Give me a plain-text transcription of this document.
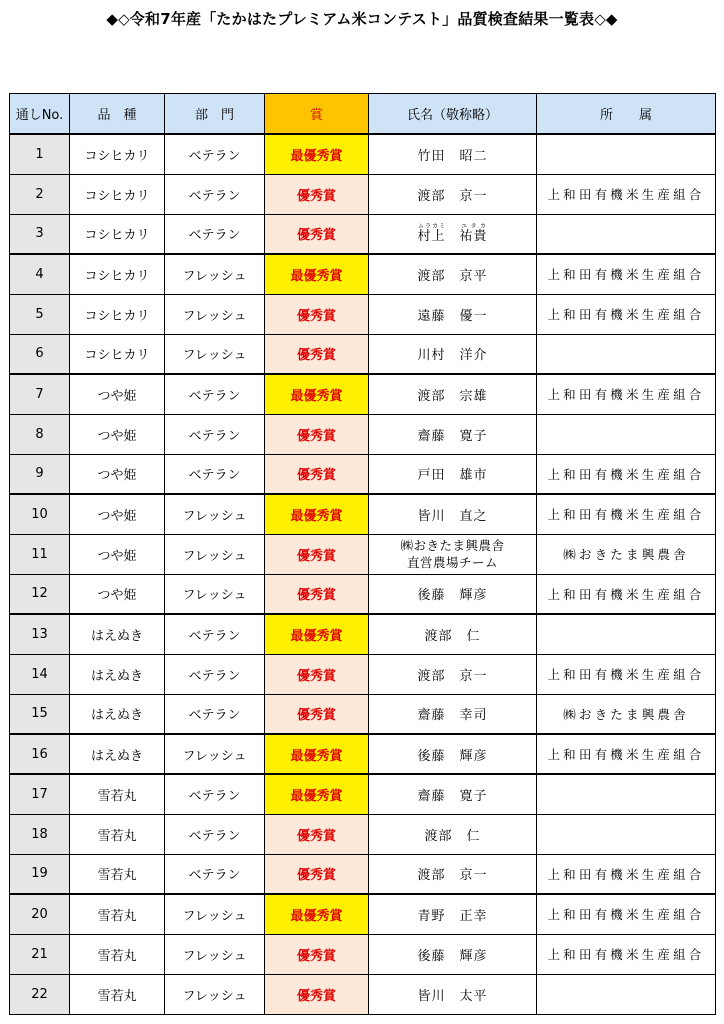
◆◇令和7年産「たかはたプレミアム米コンテスト」品質検査結果一覧表◇◆
通しNo.	品　種	部　門	賞	氏名（敬称略）	所　　属
1	コシヒカリ	ベテラン	最優秀賞	竹田　昭二	
2	コシヒカリ	ベテラン	優秀賞	渡部　京一	上和田有機米生産組合
3	コシヒカリ	ベテラン	優秀賞	村上ムラカミ　祐貴ユタカ		
4	コシヒカリ	フレッシュ	最優秀賞	渡部　京平	上和田有機米生産組合
5	コシヒカリ	フレッシュ	優秀賞	遠藤　優一	上和田有機米生産組合
6	コシヒカリ	フレッシュ	優秀賞	川村　洋介	
7	つや姫	ベテラン	最優秀賞	渡部　宗雄	上和田有機米生産組合
8	つや姫	ベテラン	優秀賞	齋藤　寛子	
9	つや姫	ベテラン	優秀賞	戸田　雄市	上和田有機米生産組合
10	つや姫	フレッシュ	最優秀賞	皆川　直之	上和田有機米生産組合
11	つや姫	フレッシュ	優秀賞	㈱おきたま興農舎
直営農場チーム	㈱おきたま興農舎
12	つや姫	フレッシュ	優秀賞	後藤　輝彦	上和田有機米生産組合
13	はえぬき	ベテラン	最優秀賞	渡部　仁	
14	はえぬき	ベテラン	優秀賞	渡部　京一	上和田有機米生産組合
15	はえぬき	ベテラン	優秀賞	齋藤　幸司	㈱おきたま興農舎
16	はえぬき	フレッシュ	最優秀賞	後藤　輝彦	上和田有機米生産組合
17	雪若丸	ベテラン	最優秀賞	齋藤　寛子	
18	雪若丸	ベテラン	優秀賞	渡部　仁	
19	雪若丸	ベテラン	優秀賞	渡部　京一	上和田有機米生産組合
20	雪若丸	フレッシュ	最優秀賞	青野　正幸	上和田有機米生産組合
21	雪若丸	フレッシュ	優秀賞	後藤　輝彦	上和田有機米生産組合
22	雪若丸	フレッシュ	優秀賞	皆川　太平	
